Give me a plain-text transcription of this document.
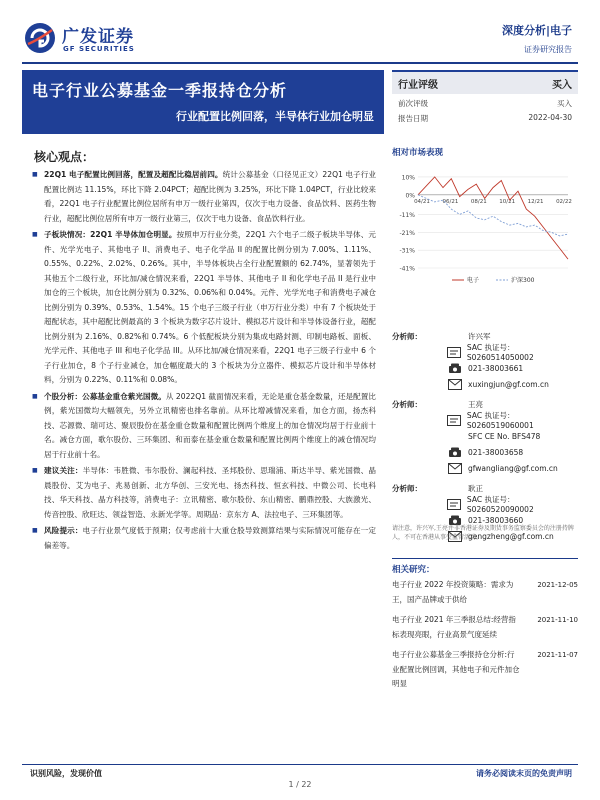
广发证券
GF SECURITIES
深度分析|电子
证券研究报告
电子行业公募基金一季报持仓分析
行业配置比例回落，半导体行业加仓明显
行业评级	买入
前次评级	买入
报告日期	2022-04-30
核心观点：

■ 22Q1 电子配置比例回落，配置及超配比稳居前四。统计公募基金（口径见正文）22Q1 电子行业配置比例达 11.15%，环比下降 2.04PCT；超配比例为 3.25%，环比下降 1.04PCT，行业比较来看，22Q1 电子行业配置比例位居所有申万一级行业第四，仅次于电力设备、食品饮料、医药生物行业，超配比例位居所有申万一级行业第三，仅次于电力设备、食品饮料行业。

■ 子板块情况：22Q1 半导体加仓明显。按照申万行业分类，22Q1 六个电子二级子板块半导体、元件、光学光电子、其他电子 II、消费电子、电子化学品 II 的配置比例分别为 7.00%、1.11%、0.55%、0.22%、2.02%、0.26%。其中，半导体板块占全行业配置额的 62.74%，显著领先于其他五个二级行业，环比加/减仓情况来看，22Q1 半导体、其他电子 II 和化学电子品 II 是行业中加仓的三个板块，加仓比例分别为 0.32%、0.06%和 0.04%。元件、光学光电子和消费电子减仓比例分别为 0.39%、0.53%、1.54%。15 个电子三级子行业（申万行业分类）中有 7 个板块处于超配状态，其中超配比例最高的 3 个板块为数字芯片设计、模拟芯片设计和半导体设备行业，超配比例分别为 2.16%、0.82%和 0.74%。6 个低配板块分别为集成电路封测、印制电路板、面板、光学元件、其他电子 III 和电子化学品 III。从环比加/减仓情况来看，22Q1 电子三级子行业中 6 个子行业加仓，8 个子行业减仓，加仓幅度最大的 3 个板块为分立器件、模拟芯片设计和半导体材料，分别为 0.22%、0.11%和 0.08%。

■ 个股分析：公募基金重仓紫光国微。从 2022Q1 截面情况来看，无论是重仓基金数量，还是配置比例，紫光国微均大幅领先，另外立讯精密也排名靠前。从环比增减情况来看，加仓方面，扬杰科技、芯源微、瑞可达、聚辰股份在基金重仓数量和配置比例两个维度上的加仓情况均居于行业前十名。减仓方面，歌尔股份、三环集团、和而泰在基金重仓数量和配置比例两个维度上的减仓情况均居于行业前十名。

■ 建议关注：半导体：韦胜微、韦尔股份、澜起科技、圣邦股份、思瑞浦、斯达半导、紫光国微、晶晨股份、艾为电子、兆易创新、北方华创、三安光电、扬杰科技、恒玄科技、中微公司、长电科技、华天科技、晶方科技等，消费电子：立讯精密、歌尔股份、东山精密、鹏鼎控股、大族激光、传音控股、欣旺达、领益智造、永新光学等。周期品：京东方 A、法拉电子、三环集团等。

■ 风险提示：电子行业景气度低于预期；仅考虑前十大重仓股导致测算结果与实际情况可能存在一定偏差等。

相对市场表现
10%
0%
-11%
-21%
-31%
-41%
04/21 06/21 08/21 10/21 12/21 02/22
电子	沪深300
分析师：	许兴军
SAC 执证号：S0260514050002
021-38003661
xuxingjun@gf.com.cn
分析师：	王亮
SAC 执证号：S0260519060001
SFC CE No. BFS478
021-38003658
gfwangliang@gf.com.cn
分析师：	耿正
SAC 执证号：S0260520090002
021-38003660
gengzheng@gf.com.cn
请注意，许兴军,王亮并非香港证券及期货事务监察委员会的注册持牌人，不可在香港从事受监管活动。
相关研究：
电子行业 2022 年投资策略：需求为王，国产品牌或于供给
2021-12-05
电子行业 2021 年三季报总结:经营指标表现亮眼，行业高景气度延续
2021-11-10
电子行业公募基金三季报持仓分析:行业配置比例回调，其他电子和元件加仓明显
2021-11-07
识别风险，发现价值
1 / 22
请务必阅读末页的免责声明
